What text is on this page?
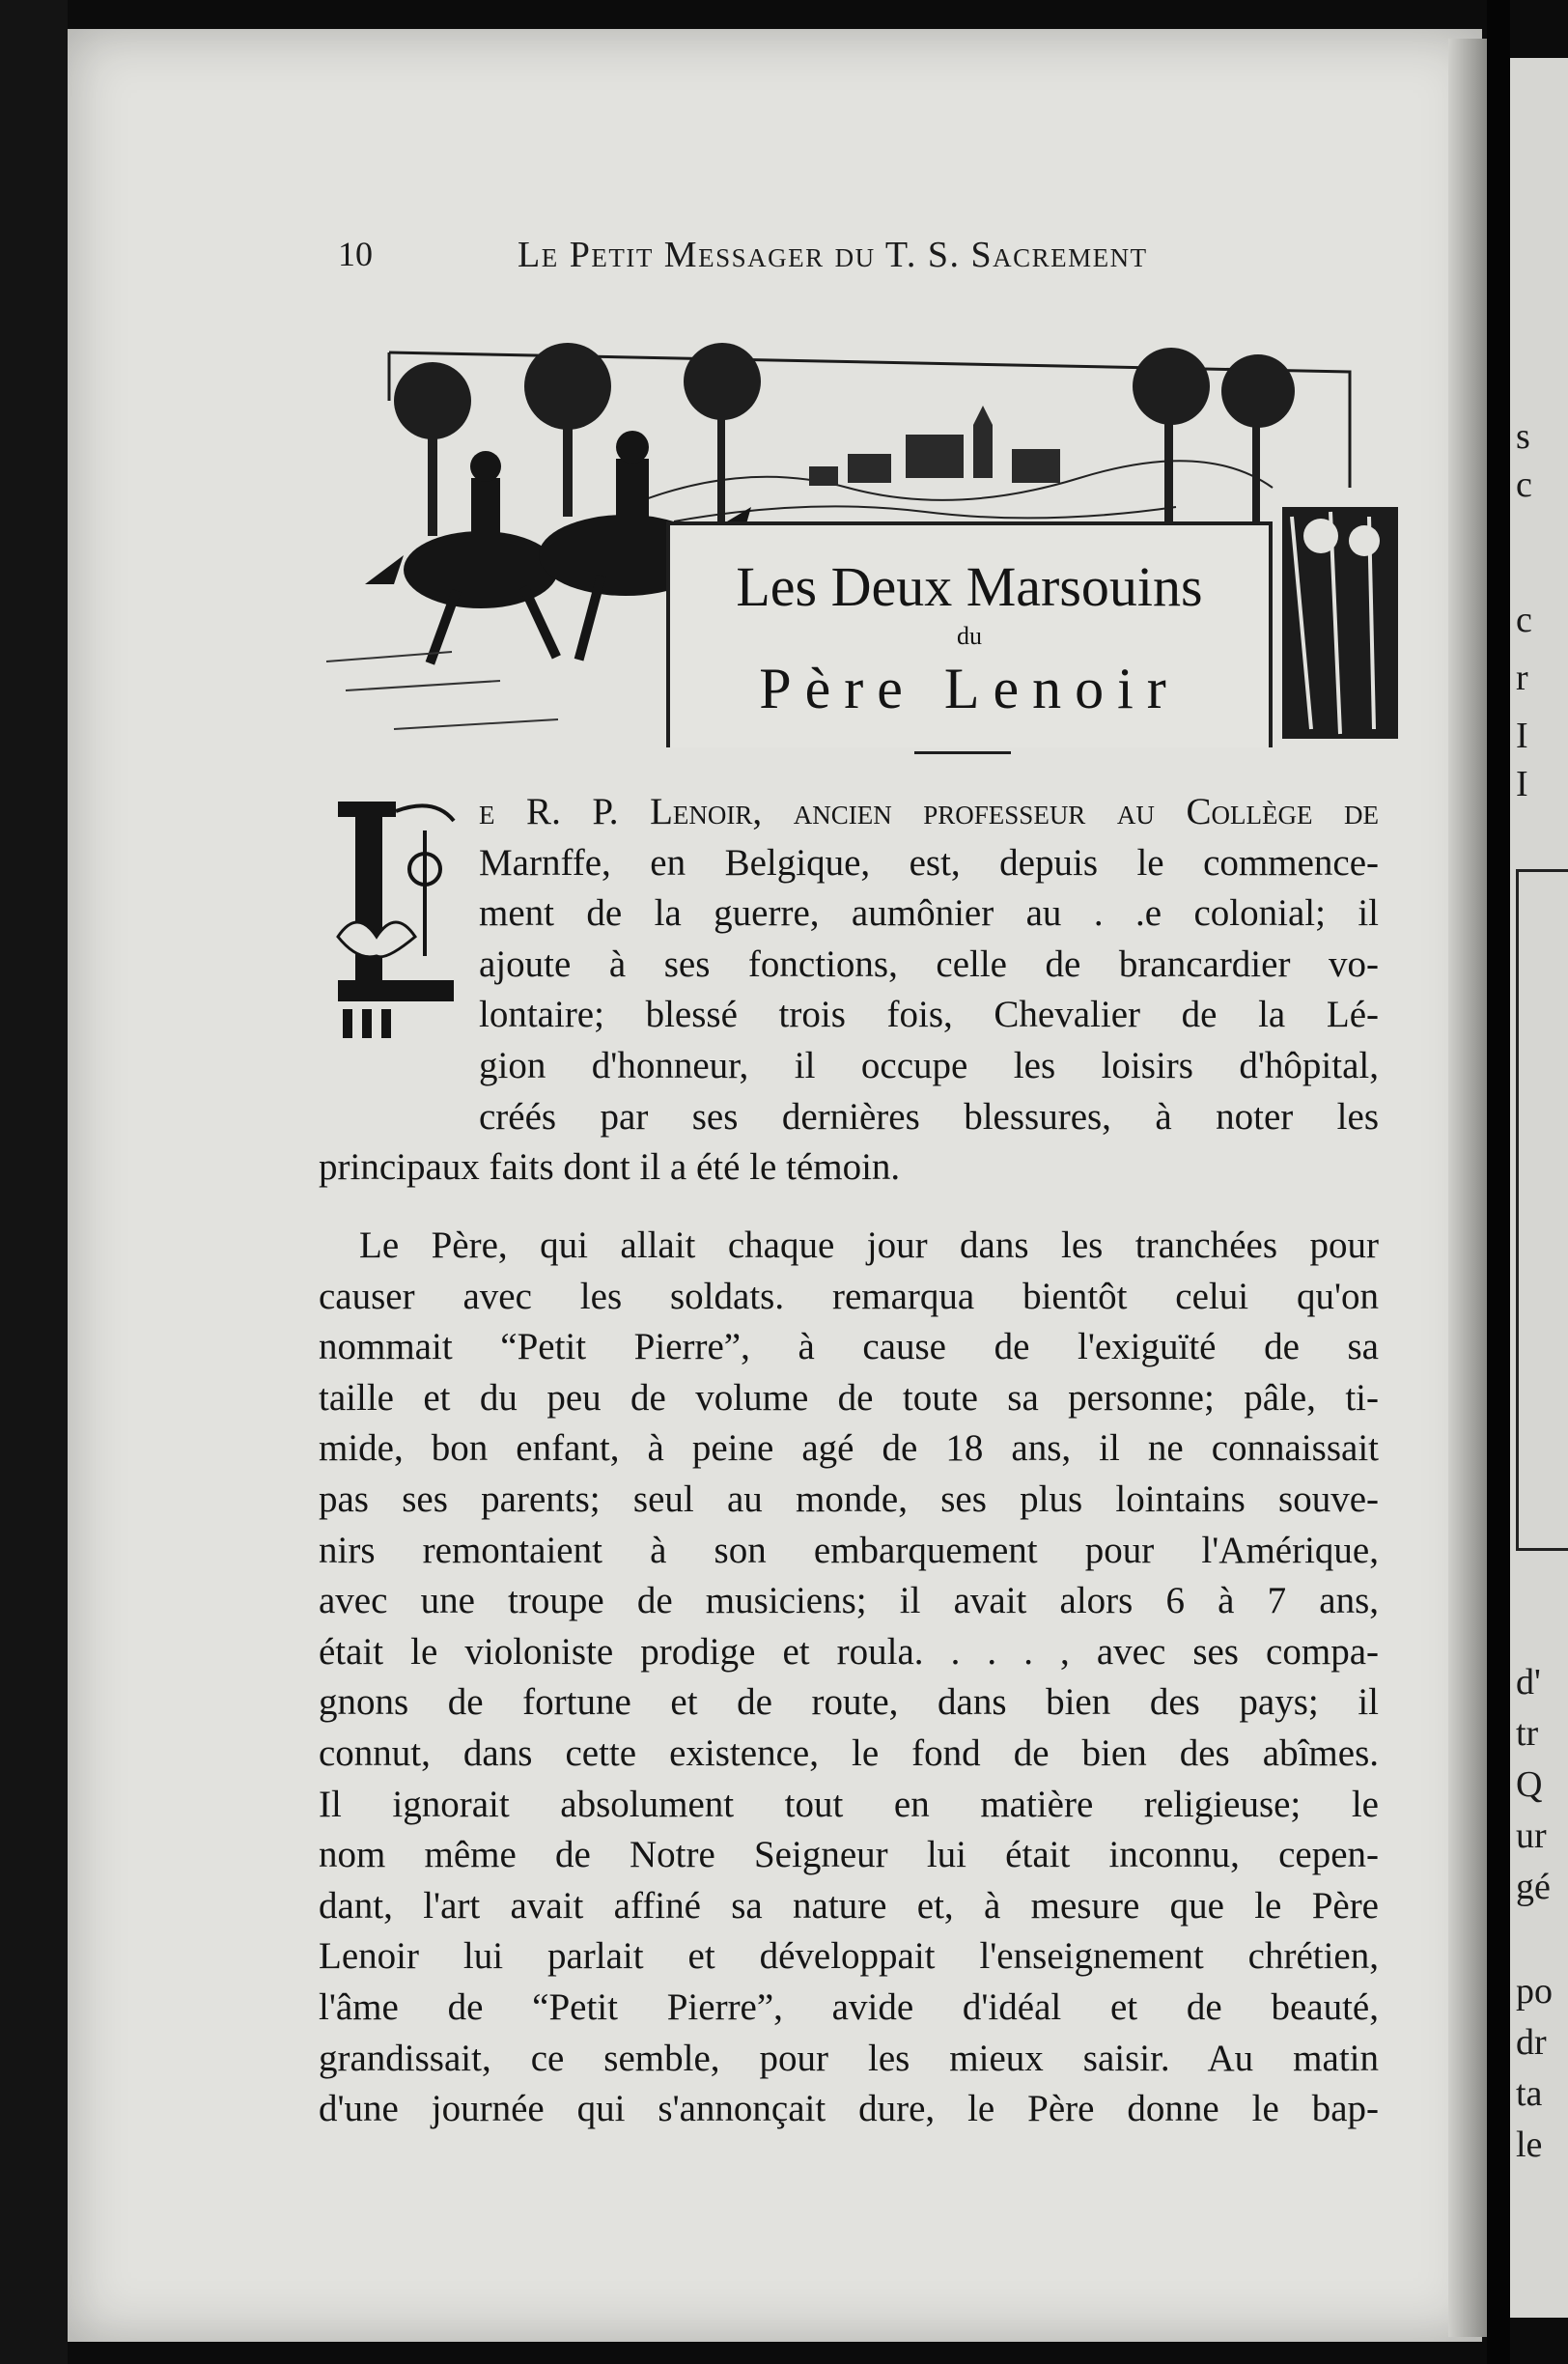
s
c
c
r
I
I
d'
tr
Q
ur
gé
po
dr
ta
le
10	Le Petit Messager du T. S. Sacrement
Les Deux Marsouins
du
Père Lenoir
e R. P. Lenoir, ancien professeur au Collège de
Marnffe, en Belgique, est, depuis le commence-
ment de la guerre, aumônier au . .e colonial; il
ajoute à ses fonctions, celle de brancardier vo-
lontaire; blessé trois fois, Chevalier de la Lé-
gion d'honneur, il occupe les loisirs d'hôpital,
créés par ses dernières blessures, à noter les
principaux faits dont il a été le témoin.
Le Père, qui allait chaque jour dans les tranchées pour
causer avec les soldats. remarqua bientôt celui qu'on
nommait “Petit Pierre”, à cause de l'exiguïté de sa
taille et du peu de volume de toute sa personne; pâle, ti-
mide, bon enfant, à peine agé de 18 ans, il ne connaissait
pas ses parents; seul au monde, ses plus lointains souve-
nirs remontaient à son embarquement pour l'Amérique,
avec une troupe de musiciens; il avait alors 6 à 7 ans,
était le violoniste prodige et roula. . . . , avec ses compa-
gnons de fortune et de route, dans bien des pays; il
connut, dans cette existence, le fond de bien des abîmes.
Il ignorait absolument tout en matière religieuse; le
nom même de Notre Seigneur lui était inconnu, cepen-
dant, l'art avait affiné sa nature et, à mesure que le Père
Lenoir lui parlait et développait l'enseignement chrétien,
l'âme de “Petit Pierre”, avide d'idéal et de beauté,
grandissait, ce semble, pour les mieux saisir. Au matin
d'une journée qui s'annonçait dure, le Père donne le bap-
